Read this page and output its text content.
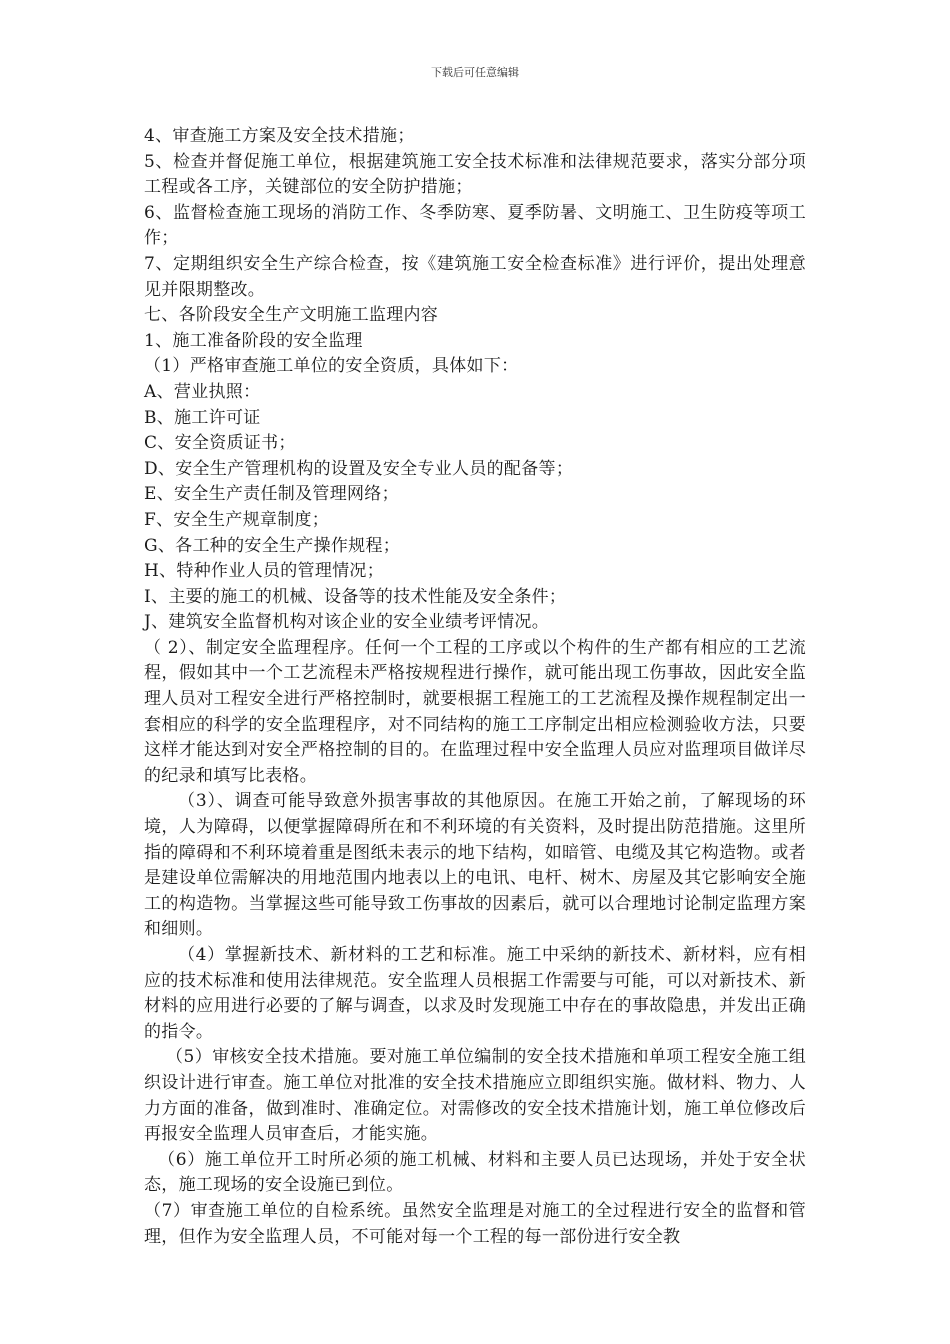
下载后可任意编辑

4、审查施工方案及安全技术措施；

5、检查并督促施工单位，根据建筑施工安全技术标准和法律规范要求，落实分部分项工程或各工序，关键部位的安全防护措施；

6、监督检查施工现场的消防工作、冬季防寒、夏季防暑、文明施工、卫生防疫等项工作；

7、定期组织安全生产综合检查，按《建筑施工安全检查标准》进行评价，提出处理意见并限期整改。

七、各阶段安全生产文明施工监理内容

1、施工准备阶段的安全监理

（1）严格审查施工单位的安全资质，具体如下：

A、营业执照：

B、施工许可证

C、安全资质证书；

D、安全生产管理机构的设置及安全专业人员的配备等；

E、安全生产责任制及管理网络；

F、安全生产规章制度；

G、各工种的安全生产操作规程；

H、特种作业人员的管理情况；

I、主要的施工的机械、设备等的技术性能及安全条件；

J、建筑安全监督机构对该企业的安全业绩考评情况。

（ 2）、制定安全监理程序。任何一个工程的工序或以个构件的生产都有相应的工艺流程，假如其中一个工艺流程未严格按规程进行操作，就可能出现工伤事故，因此安全监理人员对工程安全进行严格控制时，就要根据工程施工的工艺流程及操作规程制定出一套相应的科学的安全监理程序，对不同结构的施工工序制定出相应检测验收方法，只要这样才能达到对安全严格控制的目的。在监理过程中安全监理人员应对监理项目做详尽的纪录和填写比表格。

（3）、调查可能导致意外损害事故的其他原因。在施工开始之前，了解现场的环境，人为障碍，以便掌握障碍所在和不利环境的有关资料，及时提出防范措施。这里所指的障碍和不利环境着重是图纸未表示的地下结构，如暗管、电缆及其它构造物。或者是建设单位需解决的用地范围内地表以上的电讯、电杆、树木、房屋及其它影响安全施工的构造物。当掌握这些可能导致工伤事故的因素后，就可以合理地讨论制定监理方案和细则。

（4）掌握新技术、新材料的工艺和标准。施工中采纳的新技术、新材料，应有相应的技术标准和使用法律规范。安全监理人员根据工作需要与可能，可以对新技术、新材料的应用进行必要的了解与调查，以求及时发现施工中存在的事故隐患，并发出正确的指令。

（5）审核安全技术措施。要对施工单位编制的安全技术措施和单项工程安全施工组织设计进行审查。施工单位对批准的安全技术措施应立即组织实施。做材料、物力、人力方面的准备，做到准时、准确定位。对需修改的安全技术措施计划，施工单位修改后再报安全监理人员审查后，才能实施。

（6）施工单位开工时所必须的施工机械、材料和主要人员已达现场，并处于安全状态，施工现场的安全设施已到位。

（7）审查施工单位的自检系统。虽然安全监理是对施工的全过程进行安全的监督和管理，但作为安全监理人员，不可能对每一个工程的每一部份进行安全教
